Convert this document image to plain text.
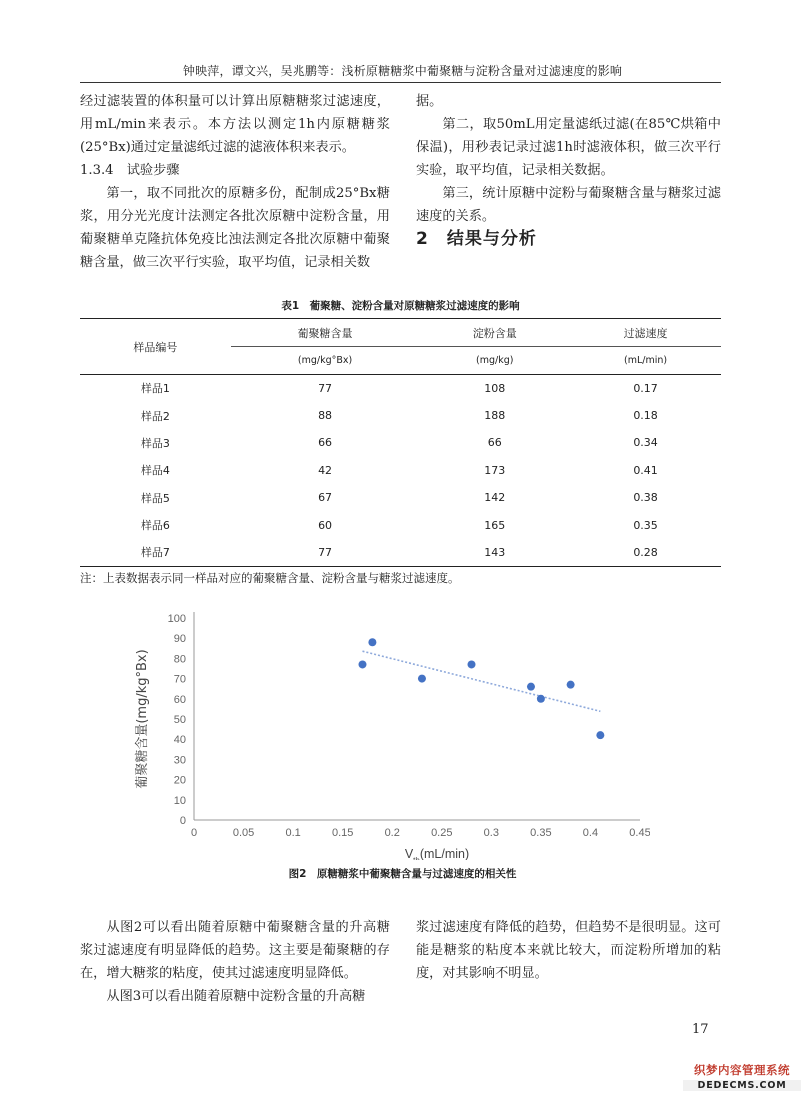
钟映萍，谭文兴，吴兆鹏等：浅析原糖糖浆中葡聚糖与淀粉含量对过滤速度的影响

经过滤装置的体积量可以计算出原糖糖浆过滤速度，用mL/min来表示。本方法以测定1h内原糖糖浆(25°Bx)通过定量滤纸过滤的滤液体积来表示。

1.3.4　试验步骤

第一，取不同批次的原糖多份，配制成25°Bx糖浆，用分光光度计法测定各批次原糖中淀粉含量，用葡聚糖单克隆抗体免疫比浊法测定各批次原糖中葡聚糖含量，做三次平行实验，取平均值，记录相关数

据。

第二，取50mL用定量滤纸过滤(在85℃烘箱中保温)，用秒表记录过滤1h时滤液体积，做三次平行实验，取平均值，记录相关数据。

第三，统计原糖中淀粉与葡聚糖含量与糖浆过滤速度的关系。

2　结果与分析

表1　葡聚糖、淀粉含量对原糖糖浆过滤速度的影响
样品编号	葡聚糖含量	淀粉含量	过滤速度
	(mg/kg°Bx)	(mg/kg)	(mL/min)
样品1	77	108	0.17
样品2	88	188	0.18
样品3	66	66	0.34
样品4	42	173	0.41
样品5	67	142	0.38
样品6	60	165	0.35
样品7	77	143	0.28
注：上表数据表示同一样品对应的葡聚糖含量、淀粉含量与糖浆过滤速度。
0
10
20
30
40
50
60
70
80
90
100
0	0.05	0.1	0.15	0.2	0.25	0.3	0.35	0.4	0.45
$V_{th}(mL/\min)$
葡聚糖含量(mg/kg°Bx)
图2　原糖糖浆中葡聚糖含量与过滤速度的相关性

从图2可以看出随着原糖中葡聚糖含量的升高糖浆过滤速度有明显降低的趋势。这主要是葡聚糖的存在，增大糖浆的粘度，使其过滤速度明显降低。

从图3可以看出随着原糖中淀粉含量的升高糖

浆过滤速度有降低的趋势，但趋势不是很明显。这可能是糖浆的粘度本来就比较大，而淀粉所增加的粘度，对其影响不明显。

17
织梦内容管理系统
DEDECMS.COM
